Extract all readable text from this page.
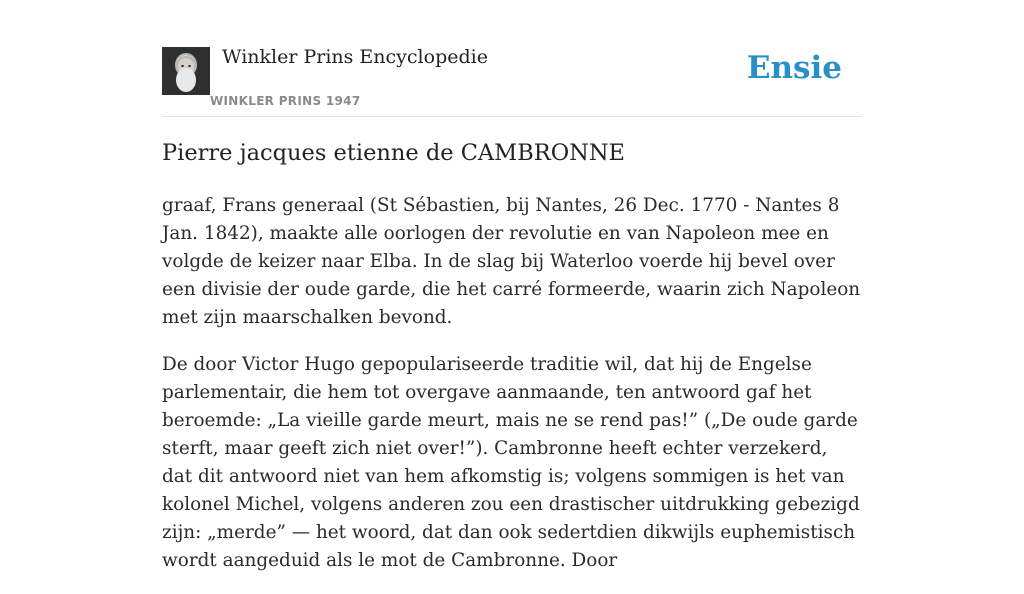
Winkler Prins Encyclopedie
WINKLER PRINS 1947
Ensie
Pierre jacques etienne de CAMBRONNE

graaf, Frans generaal (St Sébastien, bij Nantes, 26 Dec. 1770 - Nantes 8 Jan. 1842), maakte alle oorlogen der revolutie en van Napoleon mee en volgde de keizer naar Elba. In de slag bij Waterloo voerde hij bevel over een divisie der oude garde, die het carré formeerde, waarin zich Napoleon met zijn maarschalken bevond.

De door Victor Hugo gepopulariseerde traditie wil, dat hij de Engelse parlementair, die hem tot overgave aanmaande, ten antwoord gaf het beroemde: „La vieille garde meurt, mais ne se rend pas!” („De oude garde sterft, maar geeft zich niet over!”). Cambronne heeft echter verzekerd, dat dit antwoord niet van hem afkomstig is; volgens sommigen is het van kolonel Michel, volgens anderen zou een drastischer uitdrukking gebezigd zijn: „merde” — het woord, dat dan ook sedertdien dikwijls euphemistisch wordt aangeduid als le mot de Cambronne. Door
